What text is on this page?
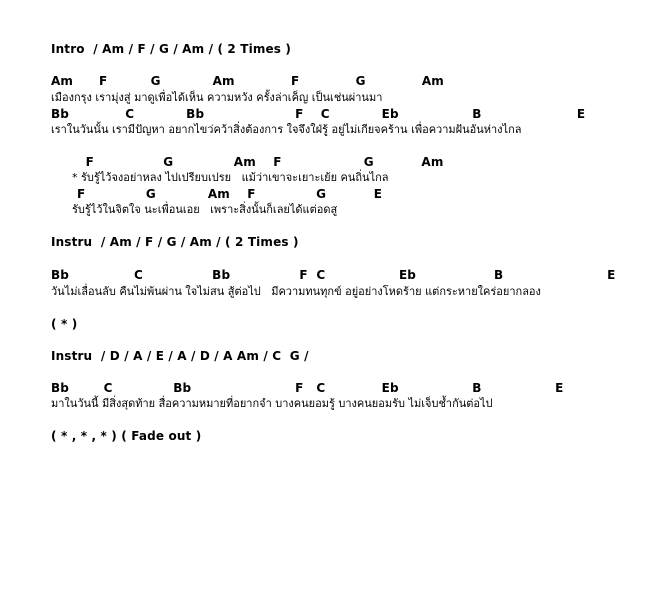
Intro  / Am / F / G / Am / ( 2 Times )
Am      F          G            Am             F             G             Am
เมืองกรุง เรามุ่งสู่ มาดูเพื่อได้เห็น ความหวัง ครั้งล่าเค็ญ เป็นเช่นผ่านมา
Bb             C            Bb                     F    C            Eb                 B                      E
เราในวันนั้น เรามีปัญหา อยากไขว่คว้าสิ่งต้องการ ใจจึงใฝ่รู้ อยู่ไม่เกียจคร้าน เพื่อความฝันอันห่างไกล
F                G              Am    F                   G           Am
* รับรู้ไว้จงอย่าหลง ไปเปรียบเปรย   แม้ว่าเขาจะเยาะเย้ย คนถิ่นไกล
F              G            Am    F              G           E
รับรู้ไว้ในจิตใจ นะเพื่อนเอย   เพราะสิ่งนั้นก็เลยได้แต่อดสู
Instru  / Am / F / G / Am / ( 2 Times )
Bb               C                Bb                F  C                 Eb                  B                        E
วันไม่เลื่อนลับ คืนไม่พ้นผ่าน ใจไม่สน สู้ต่อไป   มีความทนทุกข์ อยู่อย่างโหดร้าย แต่กระหายใคร่อยากลอง
( * )
Instru  / D / A / E / A / D / A Am / C  G /
Bb        C              Bb                        F   C             Eb                 B                 E
มาในวันนี้ มีสิ่งสุดท้าย สื่อความหมายที่อยากจำ บางคนยอมรู้ บางคนยอมรับ ไม่เจ็บช้ำกันต่อไป
( * , * , * ) ( Fade out )
